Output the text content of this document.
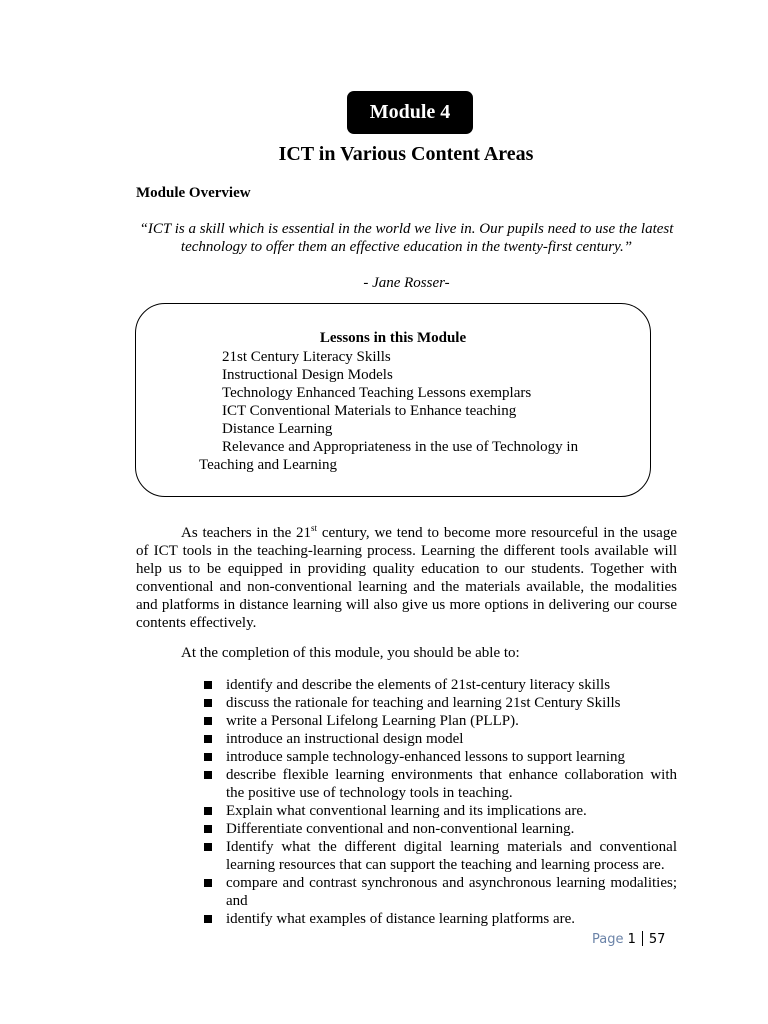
Module 4
ICT in Various Content Areas
Module Overview

“ICT is a skill which is essential in the world we live in. Our pupils need to use the latest
technology to offer them an effective education in the twenty-first century.”

- Jane Rosser-

Lessons in this Module
21st Century Literacy Skills
Instructional Design Models
Technology Enhanced Teaching Lessons exemplars
ICT Conventional Materials to Enhance teaching
Distance Learning
Relevance and Appropriateness in the use of Technology in

Teaching and Learning

As teachers in the 21st century, we tend to become more resourceful in the usage of ICT tools in the teaching-learning process. Learning the different tools available will help us to be equipped in providing quality education to our students. Together with conventional and non-conventional learning and the materials available, the modalities and platforms in distance learning will also give us more options in delivering our course contents effectively.

At the completion of this module, you should be able to:

identify and describe the elements of 21st-century literacy skills
discuss the rationale for teaching and learning 21st Century Skills
write a Personal Lifelong Learning Plan (PLLP).
introduce an instructional design model
introduce sample technology-enhanced lessons to support learning
describe flexible learning environments that enhance collaboration with the positive use of technology tools in teaching.
Explain what conventional learning and its implications are.
Differentiate conventional and non-conventional learning.
Identify what the different digital learning materials and conventional learning resources that can support the teaching and learning process are.
compare and contrast synchronous and asynchronous learning modalities; and
identify what examples of distance learning platforms are.
Page 1 57
